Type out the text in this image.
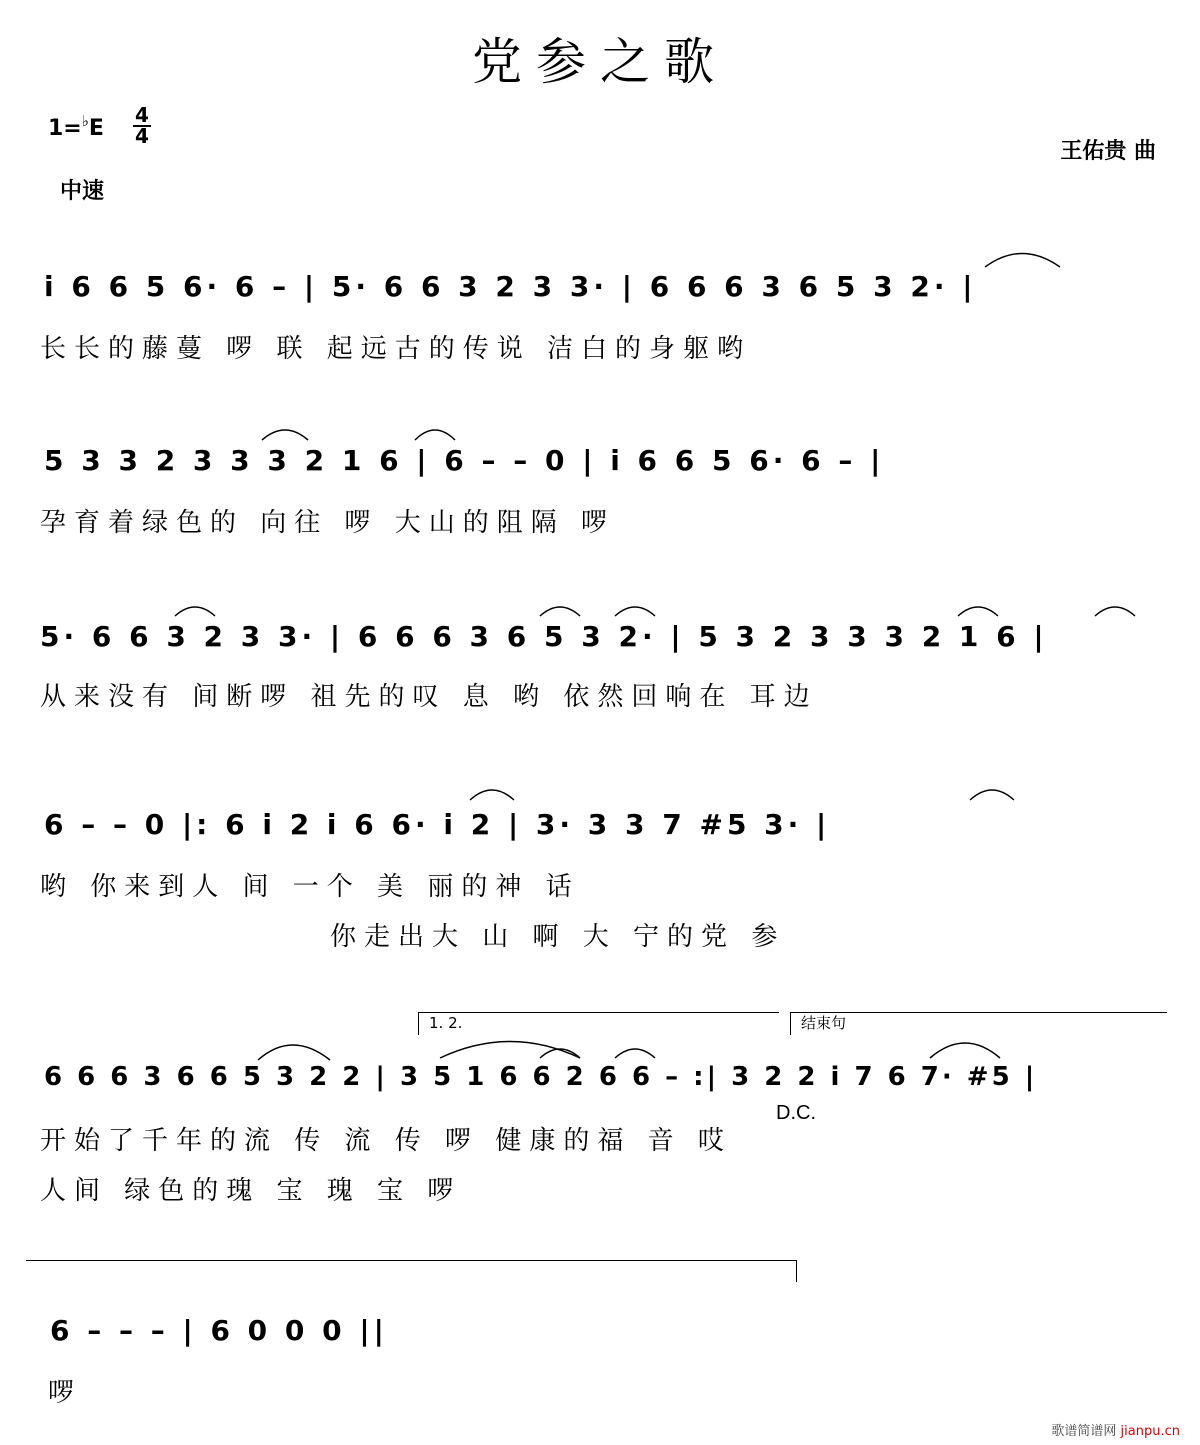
党参之歌
1=♭E
4
4
中速
王佑贵 曲
i 6 6 5 6· 6 – | 5· 6 6 3 2 3 3· | 6 6 6 3 6 5 3 2· |
长长的藤蔓 啰 联 起远古的传说 洁白的身躯哟
5 3 3 2 3 3 3 2 1 6 | 6 – – 0 | i 6 6 5 6· 6 – |
孕育着绿色的 向往 啰 大山的阻隔 啰
5· 6 6 3 2 3 3· | 6 6 6 3 6 5 3 2· | 5 3 2 3 3 3 2 1 6 |
从来没有 间断啰 祖先的叹 息 哟 依然回响在 耳边
6 – – 0 |: 6 i 2 i 6 6· i 2 | 3· 3 3 7 #5 3· |
哟 你来到人 间 一个 美 丽的神 话
你走出大 山 啊 大 宁的党 参
1. 2.	结束句
6 6 6 3 6 6 5 3 2 2 | 3 5 1 6 6 2 6 6 – :| 3 2 2 i 7 6 7· #5 |
D.C.
开始了千年的流 传 流 传 啰 健康的福 音 哎
人间 绿色的瑰 宝 瑰 宝 啰
6 – – – | 6 0 0 0 ||
啰
歌谱简谱网 jianpu.cn
